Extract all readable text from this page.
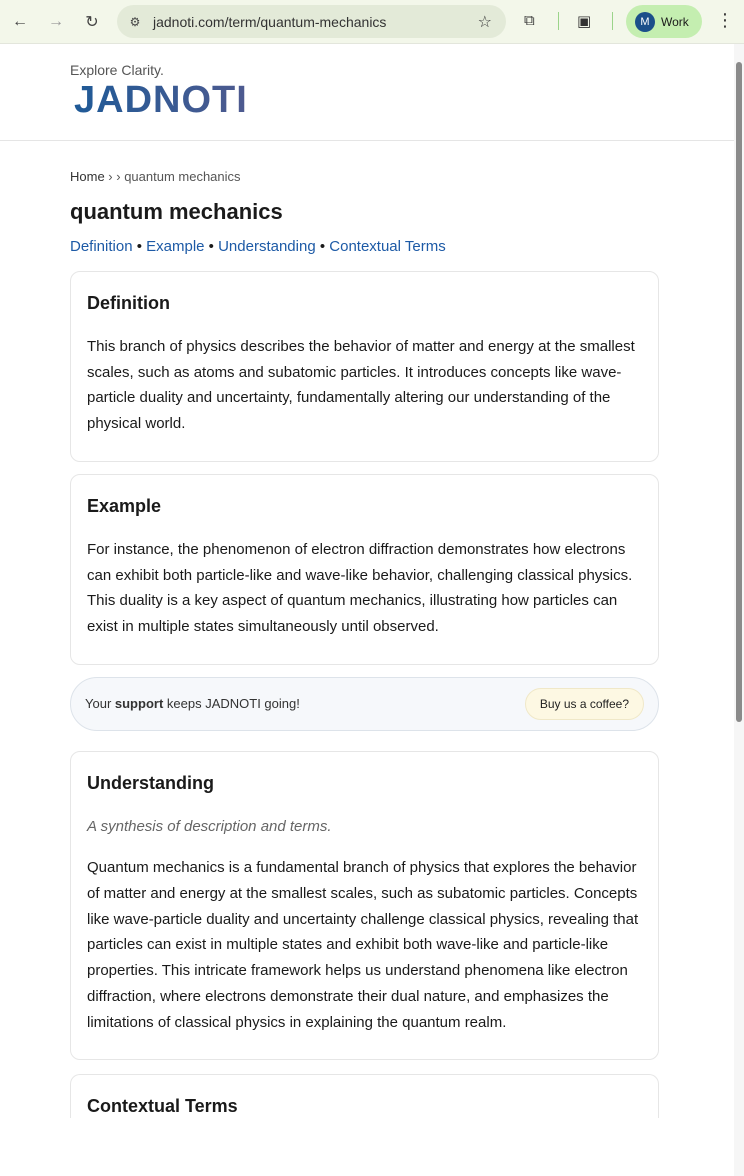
←	→	↻	⚙ jadnoti.com/term/quantum-mechanics	☆ ⧉	▣	M Work ⋮
Explore Clarity.
JADNOTI
Home › › quantum mechanics
quantum mechanics
Definition • Example • Understanding • Contextual Terms
Definition

This branch of physics describes the behavior of matter and energy at the smallest scales, such as atoms and subatomic particles. It introduces concepts like wave-particle duality and uncertainty, fundamentally altering our understanding of the physical world.

Example

For instance, the phenomenon of electron diffraction demonstrates how electrons can exhibit both particle-like and wave-like behavior, challenging classical physics. This duality is a key aspect of quantum mechanics, illustrating how particles can exist in multiple states simultaneously until observed.

Your support keeps JADNOTI going!	Buy us a coffee?
Understanding

A synthesis of description and terms.

Quantum mechanics is a fundamental branch of physics that explores the behavior of matter and energy at the smallest scales, such as subatomic particles. Concepts like wave-particle duality and uncertainty challenge classical physics, revealing that particles can exist in multiple states and exhibit both wave-like and particle-like properties. This intricate framework helps us understand phenomena like electron diffraction, where electrons demonstrate their dual nature, and emphasizes the limitations of classical physics in explaining the quantum realm.

Contextual Terms
